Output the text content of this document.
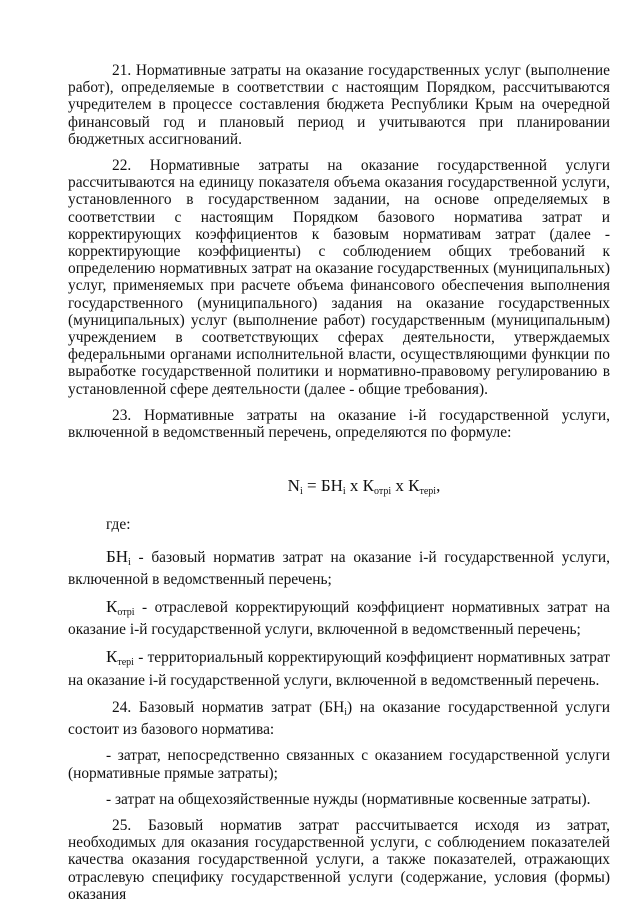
21. Нормативные затраты на оказание государственных услуг (выполнение работ), определяемые в соответствии с настоящим Порядком, рассчитываются учредителем в процессе составления бюджета Республики Крым на очередной финансовый год и плановый период и учитываются при планировании бюджетных ассигнований.

22. Нормативные затраты на оказание государственной услуги рассчитываются на единицу показателя объема оказания государственной услуги, установленного в государственном задании, на основе определяемых в соответствии с настоящим Порядком базового норматива затрат и корректирующих коэффициентов к базовым нормативам затрат (далее - корректирующие коэффициенты) с соблюдением общих требований к определению нормативных затрат на оказание государственных (муниципальных) услуг, применяемых при расчете объема финансового обеспечения выполнения государственного (муниципального) задания на оказание государственных (муниципальных) услуг (выполнение работ) государственным (муниципальным) учреждением в соответствующих сферах деятельности, утверждаемых федеральными органами исполнительной власти, осуществляющими функции по выработке государственной политики и нормативно-правовому регулированию в установленной сфере деятельности (далее - общие требования).

23. Нормативные затраты на оказание i-й государственной услуги, включенной в ведомственный перечень, определяются по формуле:

$N_i = БН_i$ х $К_{отрi}$ х $К_{терi}$,

где:

$БН_i$ - базовый норматив затрат на оказание i-й государственной услуги, включенной в ведомственный перечень;

$К_{отрi}$ - отраслевой корректирующий коэффициент нормативных затрат на оказание i-й государственной услуги, включенной в ведомственный перечень;

$К_{терi}$ - территориальный корректирующий коэффициент нормативных затрат на оказание i-й государственной услуги, включенной в ведомственный перечень.

24. Базовый норматив затрат $(БН_i)$ на оказание государственной услуги состоит из базового норматива:

- затрат, непосредственно связанных с оказанием государственной услуги (нормативные прямые затраты);

- затрат на общехозяйственные нужды (нормативные косвенные затраты).

25. Базовый норматив затрат рассчитывается исходя из затрат, необходимых для оказания государственной услуги, с соблюдением показателей качества оказания государственной услуги, а также показателей, отражающих отраслевую специфику государственной услуги (содержание, условия (формы) оказания
